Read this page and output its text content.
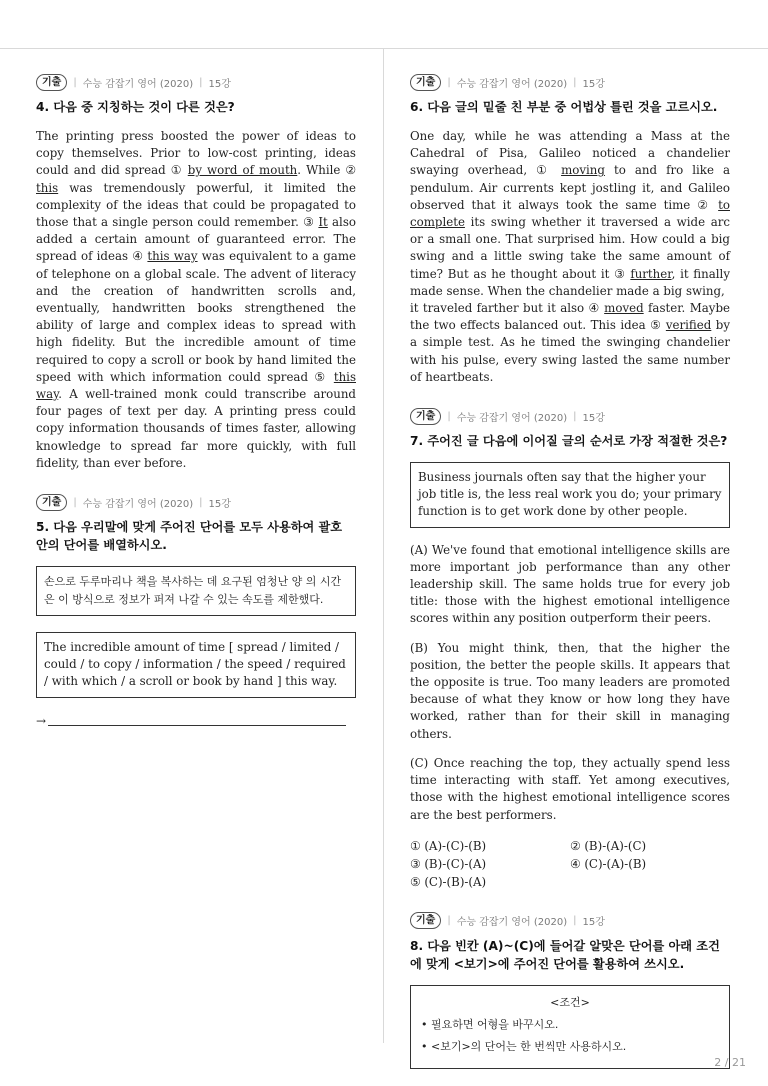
기출	| 수능 감잡기 영어 (2020) | 15강
4. 다음 중 지칭하는 것이 다른 것은?

The printing press boosted the power of ideas to copy themselves. Prior to low-cost printing, ideas could and did spread ① by word of mouth. While ② this was tremendously powerful, it limited the complexity of the ideas that could be propagated to those that a single person could remember. ③ It also added a certain amount of guaranteed error. The spread of ideas ④ this way was equivalent to a game of telephone on a global scale. The advent of literacy and the creation of handwritten scrolls and, eventually, handwritten books strengthened the ability of large and complex ideas to spread with high fidelity. But the incredible amount of time required to copy a scroll or book by hand limited the speed with which information could spread ⑤ this way. A well-trained monk could transcribe around four pages of text per day. A printing press could copy information thousands of times faster, allowing knowledge to spread far more quickly, with full fidelity, than ever before.

기출	| 수능 감잡기 영어 (2020) | 15강
5. 다음 우리말에 맞게 주어진 단어를 모두 사용하여 괄호 안의 단어를 배열하시오.
손으로 두루마리나 책을 복사하는 데 요구된 엄청난 양 의 시간은 이 방식으로 정보가 퍼져 나갈 수 있는 속도를 제한했다.
The incredible amount of time [ spread / limited / could / to copy / information / the speed / required / with which / a scroll or book by hand ] this way.
→
기출	| 수능 감잡기 영어 (2020) | 15강
6. 다음 글의 밑줄 친 부분 중 어법상 틀린 것을 고르시오.

One day, while he was attending a Mass at the Cahedral of Pisa, Galileo noticed a chandelier swaying overhead, ① moving to and fro like a pendulum. Air currents kept jostling it, and Galileo observed that it always took the same time ② to complete its swing whether it traversed a wide arc or a small one. That surprised him. How could a big swing and a little swing take the same amount of time? But as he thought about it ③ further, it finally made sense. When the chandelier made a big swing,

it traveled farther but it also ④ moved faster. Maybe the two effects balanced out. This idea ⑤ verified by a simple test. As he timed the swinging chandelier with his pulse, every swing lasted the same number of heartbeats.

기출	| 수능 감잡기 영어 (2020) | 15강
7. 주어진 글 다음에 이어질 글의 순서로 가장 적절한 것은?
Business journals often say that the higher your job title is, the less real work you do; your primary function is to get work done by other people.
(A) We've found that emotional intelligence skills are more important job performance than any other leadership skill. The same holds true for every job title: those with the highest emotional intelligence scores within any position outperform their peers.
(B) You might think, then, that the higher the position, the better the people skills. It appears that the opposite is true. Too many leaders are promoted because of what they know or how long they have worked, rather than for their skill in managing others.
(C) Once reaching the top, they actually spend less time interacting with staff. Yet among executives, those with the highest emotional intelligence scores are the best performers.
① (A)-(C)-(B)	② (B)-(A)-(C)
③ (B)-(C)-(A)	④ (C)-(A)-(B)
⑤ (C)-(B)-(A)
기출	| 수능 감잡기 영어 (2020) | 15강
8. 다음 빈칸 (A)~(C)에 들어갈 알맞은 단어를 아래 조건에 맞게 <보기>에 주어진 단어를 활용하여 쓰시오.
<조건>
• 필요하면 어형을 바꾸시오.
• <보기>의 단어는 한 번씩만 사용하시오.
2 / 21
